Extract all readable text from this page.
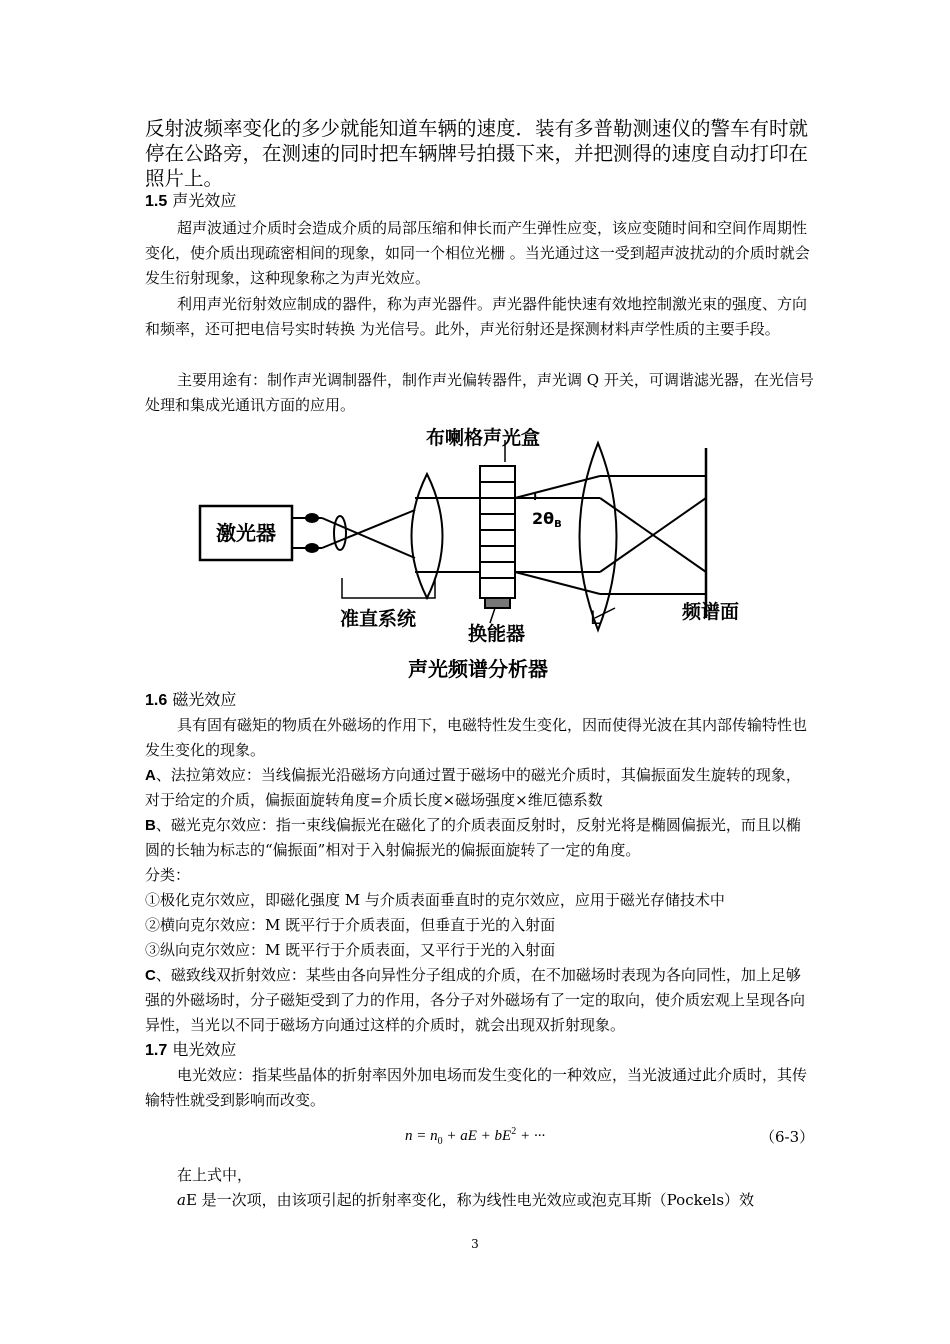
反射波频率变化的多少就能知道车辆的速度．装有多普勒测速仪的警车有时就停在公路旁，在测速的同时把车辆牌号拍摄下来，并把测得的速度自动打印在照片上。
1.5 声光效应
超声波通过介质时会造成介质的局部压缩和伸长而产生弹性应变，该应变随时间和空间作周期性变化，使介质出现疏密相间的现象，如同一个相位光栅 。当光通过这一受到超声波扰动的介质时就会发生衍射现象，这种现象称之为声光效应。
利用声光衍射效应制成的器件，称为声光器件。声光器件能快速有效地控制激光束的强度、方向和频率，还可把电信号实时转换 为光信号。此外，声光衍射还是探测材料声学性质的主要手段。
主要用途有：制作声光调制器件，制作声光偏转器件，声光调 Q 开关，可调谐滤光器，在光信号处理和集成光通讯方面的应用。
布喇格声光盒
激光器
2θB
准直系统
换能器
L	频谱面
声光频谱分析器
1.6 磁光效应
具有固有磁矩的物质在外磁场的作用下，电磁特性发生变化，因而使得光波在其内部传输特性也发生变化的现象。
A、法拉第效应：当线偏振光沿磁场方向通过置于磁场中的磁光介质时，其偏振面发生旋转的现象，对于给定的介质，偏振面旋转角度=介质长度×磁场强度×维厄德系数
B、磁光克尔效应：指一束线偏振光在磁化了的介质表面反射时，反射光将是椭圆偏振光，而且以椭圆的长轴为标志的“偏振面”相对于入射偏振光的偏振面旋转了一定的角度。
分类：
①极化克尔效应，即磁化强度 M 与介质表面垂直时的克尔效应，应用于磁光存储技术中
②横向克尔效应：M 既平行于介质表面，但垂直于光的入射面
③纵向克尔效应：M 既平行于介质表面，又平行于光的入射面
C、磁致线双折射效应：某些由各向异性分子组成的介质，在不加磁场时表现为各向同性，加上足够强的外磁场时，分子磁矩受到了力的作用，各分子对外磁场有了一定的取向，使介质宏观上呈现各向异性，当光以不同于磁场方向通过这样的介质时，就会出现双折射现象。
1.7 电光效应
电光效应：指某些晶体的折射率因外加电场而发生变化的一种效应，当光波通过此介质时，其传输特性就受到影响而改变。
$n = n_0$ + aE + $bE^2$ + ···	（6-3）
在上式中，
aE 是一次项，由该项引起的折射率变化，称为线性电光效应或泡克耳斯（Pockels）效
3
